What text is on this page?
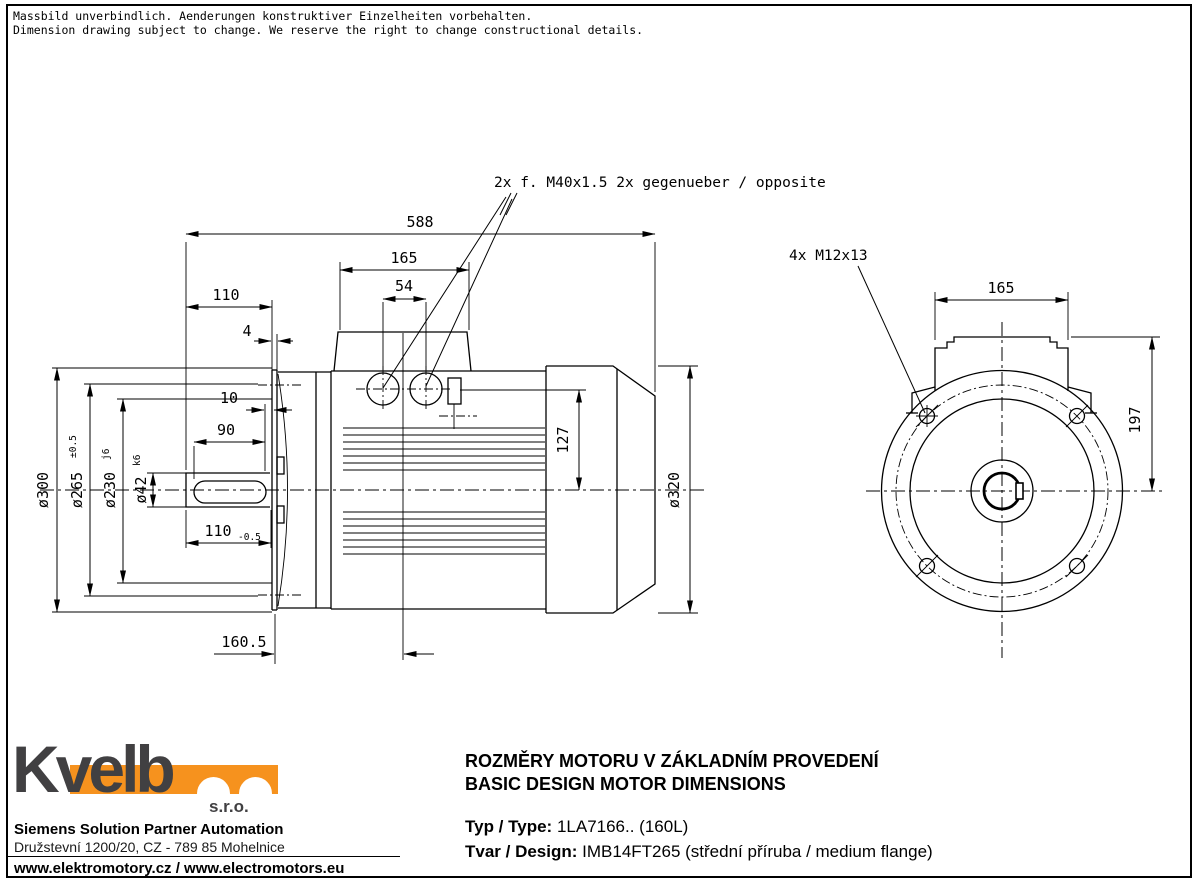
Massbild unverbindlich. Aenderungen konstruktiver Einzelheiten vorbehalten.
Dimension drawing subject to change. We reserve the right to change constructional details.
588
165
54
110
4
10
90
110 -0.5
160.5
127
ø320
ø300 ø265
±0.5
ø230
j6
ø42
k6
2x f. M40x1.5 2x gegenueber / opposite
165
197
4x M12x13
Kvelb
s.r.o.
Siemens Solution Partner Automation
Družstevní 1200/20, CZ - 789 85 Mohelnice
www.elektromotory.cz / www.electromotors.eu
ROZMĚRY MOTORU V ZÁKLADNÍM PROVEDENÍ
BASIC DESIGN MOTOR DIMENSIONS
Typ / Type: 1LA7166.. (160L)
Tvar / Design: IMB14FT265 (střední příruba / medium flange)
